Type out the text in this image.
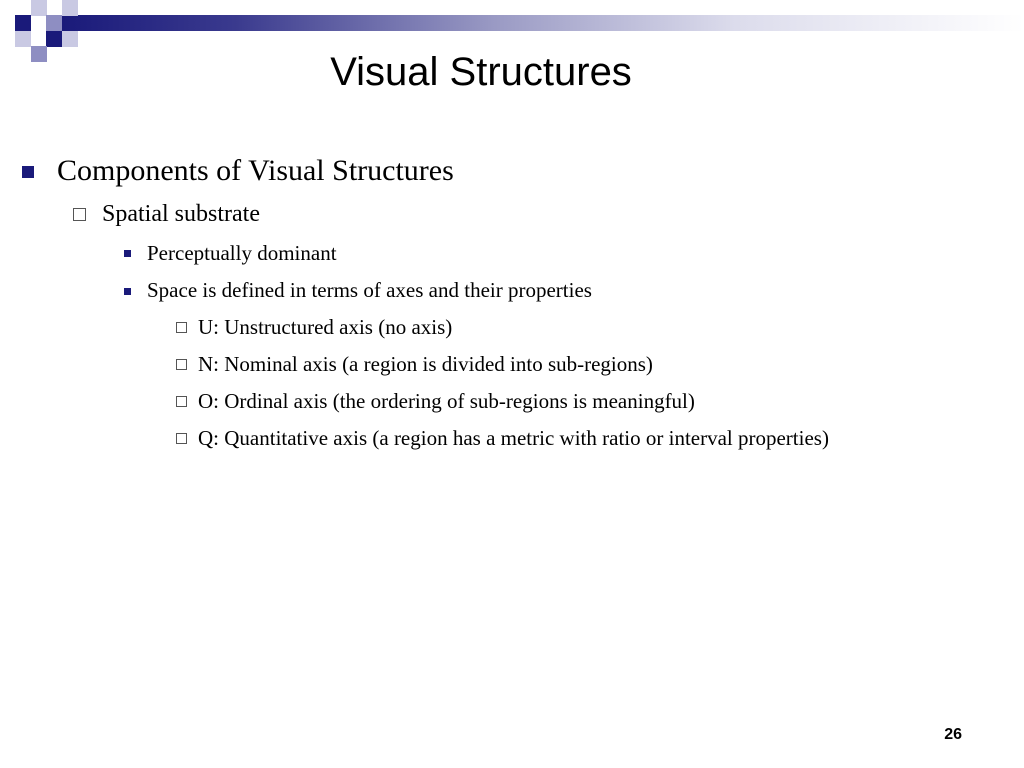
Visual Structures
Components of Visual Structures
Spatial substrate
Perceptually dominant
Space is defined in terms of axes and their properties
U: Unstructured axis (no axis)
N: Nominal axis (a region is divided into sub-regions)
O: Ordinal axis (the ordering of sub-regions is meaningful)
Q: Quantitative axis (a region has a metric with ratio or interval properties)
26
